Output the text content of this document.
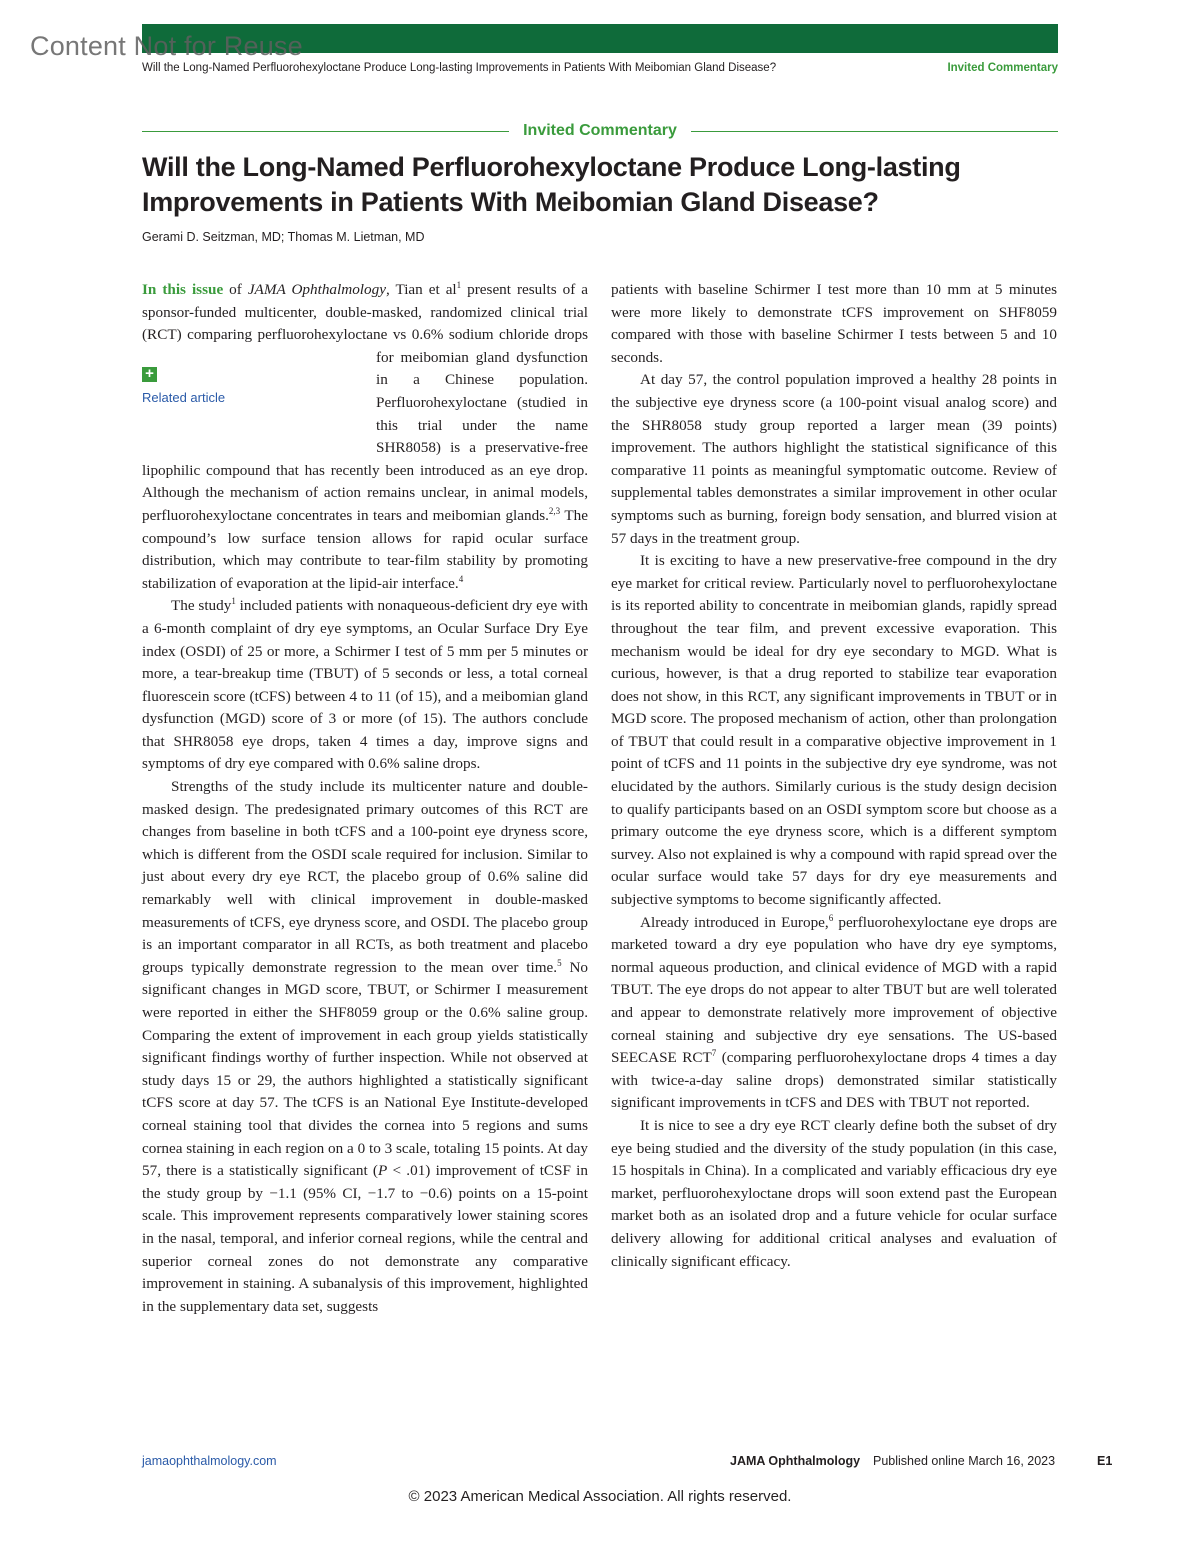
Content Not for Reuse
Will the Long-Named Perfluorohexyloctane Produce Long-lasting Improvements in Patients With Meibomian Gland Disease?	Invited Commentary
Invited Commentary
Will the Long-Named Perfluorohexyloctane Produce Long-lasting Improvements in Patients With Meibomian Gland Disease?
Gerami D. Seitzman, MD; Thomas M. Lietman, MD

In this issue of JAMA Ophthalmology, Tian et $al^1$ present results of a sponsor-funded multicenter, double-masked, randomized clinical trial (RCT) comparing perfluorohexyloctane
+
Related article
vs 0.6% sodium chloride drops for meibomian gland dysfunction in a Chinese population. Perfluorohexyloctane (studied in this trial under the name SHR8058) is a preservative-free lipophilic compound that has recently been introduced as an eye drop. Although the mechanism of action remains unclear, in animal models, perfluorohexyloctane concentrates in tears and meibomian glands.$^{2,3}$ The compound’s low surface tension allows for rapid ocular surface distribution, which may contribute to tear-film stability by promoting stabilization of evaporation at the lipid-air interface.$^4$

The study$^1$ included patients with nonaqueous-deficient dry eye with a 6-month complaint of dry eye symptoms, an Ocular Surface Dry Eye index (OSDI) of 25 or more, a Schirmer I test of 5 mm per 5 minutes or more, a tear-breakup time (TBUT) of 5 seconds or less, a total corneal fluorescein score (tCFS) between 4 to 11 (of 15), and a meibomian gland dysfunction (MGD) score of 3 or more (of 15). The authors conclude that SHR8058 eye drops, taken 4 times a day, improve signs and symptoms of dry eye compared with 0.6% saline drops.

Strengths of the study include its multicenter nature and double-masked design. The predesignated primary outcomes of this RCT are changes from baseline in both tCFS and a 100-point eye dryness score, which is different from the OSDI scale required for inclusion. Similar to just about every dry eye RCT, the placebo group of 0.6% saline did remarkably well with clinical improvement in double-masked measurements of tCFS, eye dryness score, and OSDI. The placebo group is an important comparator in all RCTs, as both treatment and placebo groups typically demonstrate regression to the mean over time.$^5$ No significant changes in MGD score, TBUT, or Schirmer I measurement were reported in either the SHF8059 group or the 0.6% saline group. Comparing the extent of improvement in each group yields statistically significant findings worthy of further inspection. While not observed at study days 15 or 29, the authors highlighted a statistically significant tCFS score at day 57. The tCFS is an National Eye Institute-developed corneal staining tool that divides the cornea into 5 regions and sums cornea staining in each region on a 0 to 3 scale, totaling 15 points. At day 57, there is a statistically significant (P < .01) improvement of tCSF in the study group by −1.1 (95% CI, −1.7 to −0.6) points on a 15-point scale. This improvement represents comparatively lower staining scores in the nasal, temporal, and inferior corneal regions, while the central and superior corneal zones do not demonstrate any comparative improvement in staining. A subanalysis of this improvement, highlighted in the supplementary data set, suggests

patients with baseline Schirmer I test more than 10 mm at 5 minutes were more likely to demonstrate tCFS improvement on SHF8059 compared with those with baseline Schirmer I tests between 5 and 10 seconds.

At day 57, the control population improved a healthy 28 points in the subjective eye dryness score (a 100-point visual analog score) and the SHR8058 study group reported a larger mean (39 points) improvement. The authors highlight the statistical significance of this comparative 11 points as meaningful symptomatic outcome. Review of supplemental tables demonstrates a similar improvement in other ocular symptoms such as burning, foreign body sensation, and blurred vision at 57 days in the treatment group.

It is exciting to have a new preservative-free compound in the dry eye market for critical review. Particularly novel to perfluorohexyloctane is its reported ability to concentrate in meibomian glands, rapidly spread throughout the tear film, and prevent excessive evaporation. This mechanism would be ideal for dry eye secondary to MGD. What is curious, however, is that a drug reported to stabilize tear evaporation does not show, in this RCT, any significant improvements in TBUT or in MGD score. The proposed mechanism of action, other than prolongation of TBUT that could result in a comparative objective improvement in 1 point of tCFS and 11 points in the subjective dry eye syndrome, was not elucidated by the authors. Similarly curious is the study design decision to qualify participants based on an OSDI symptom score but choose as a primary outcome the eye dryness score, which is a different symptom survey. Also not explained is why a compound with rapid spread over the ocular surface would take 57 days for dry eye measurements and subjective symptoms to become significantly affected.

Already introduced in Europe,$^6$ perfluorohexyloctane eye drops are marketed toward a dry eye population who have dry eye symptoms, normal aqueous production, and clinical evidence of MGD with a rapid TBUT. The eye drops do not appear to alter TBUT but are well tolerated and appear to demonstrate relatively more improvement of objective corneal staining and subjective dry eye sensations. The US-based SEECASE RCT$^7$ (comparing perfluorohexyloctane drops 4 times a day with twice-a-day saline drops) demonstrated similar statistically significant improvements in tCFS and DES with TBUT not reported.

It is nice to see a dry eye RCT clearly define both the subset of dry eye being studied and the diversity of the study population (in this case, 15 hospitals in China). In a complicated and variably efficacious dry eye market, perfluorohexyloctane drops will soon extend past the European market both as an isolated drop and a future vehicle for ocular surface delivery allowing for additional critical analyses and evaluation of clinically significant efficacy.

jamaophthalmology.com	JAMA Ophthalmology Published online March 16, 2023	E1
© 2023 American Medical Association. All rights reserved.
